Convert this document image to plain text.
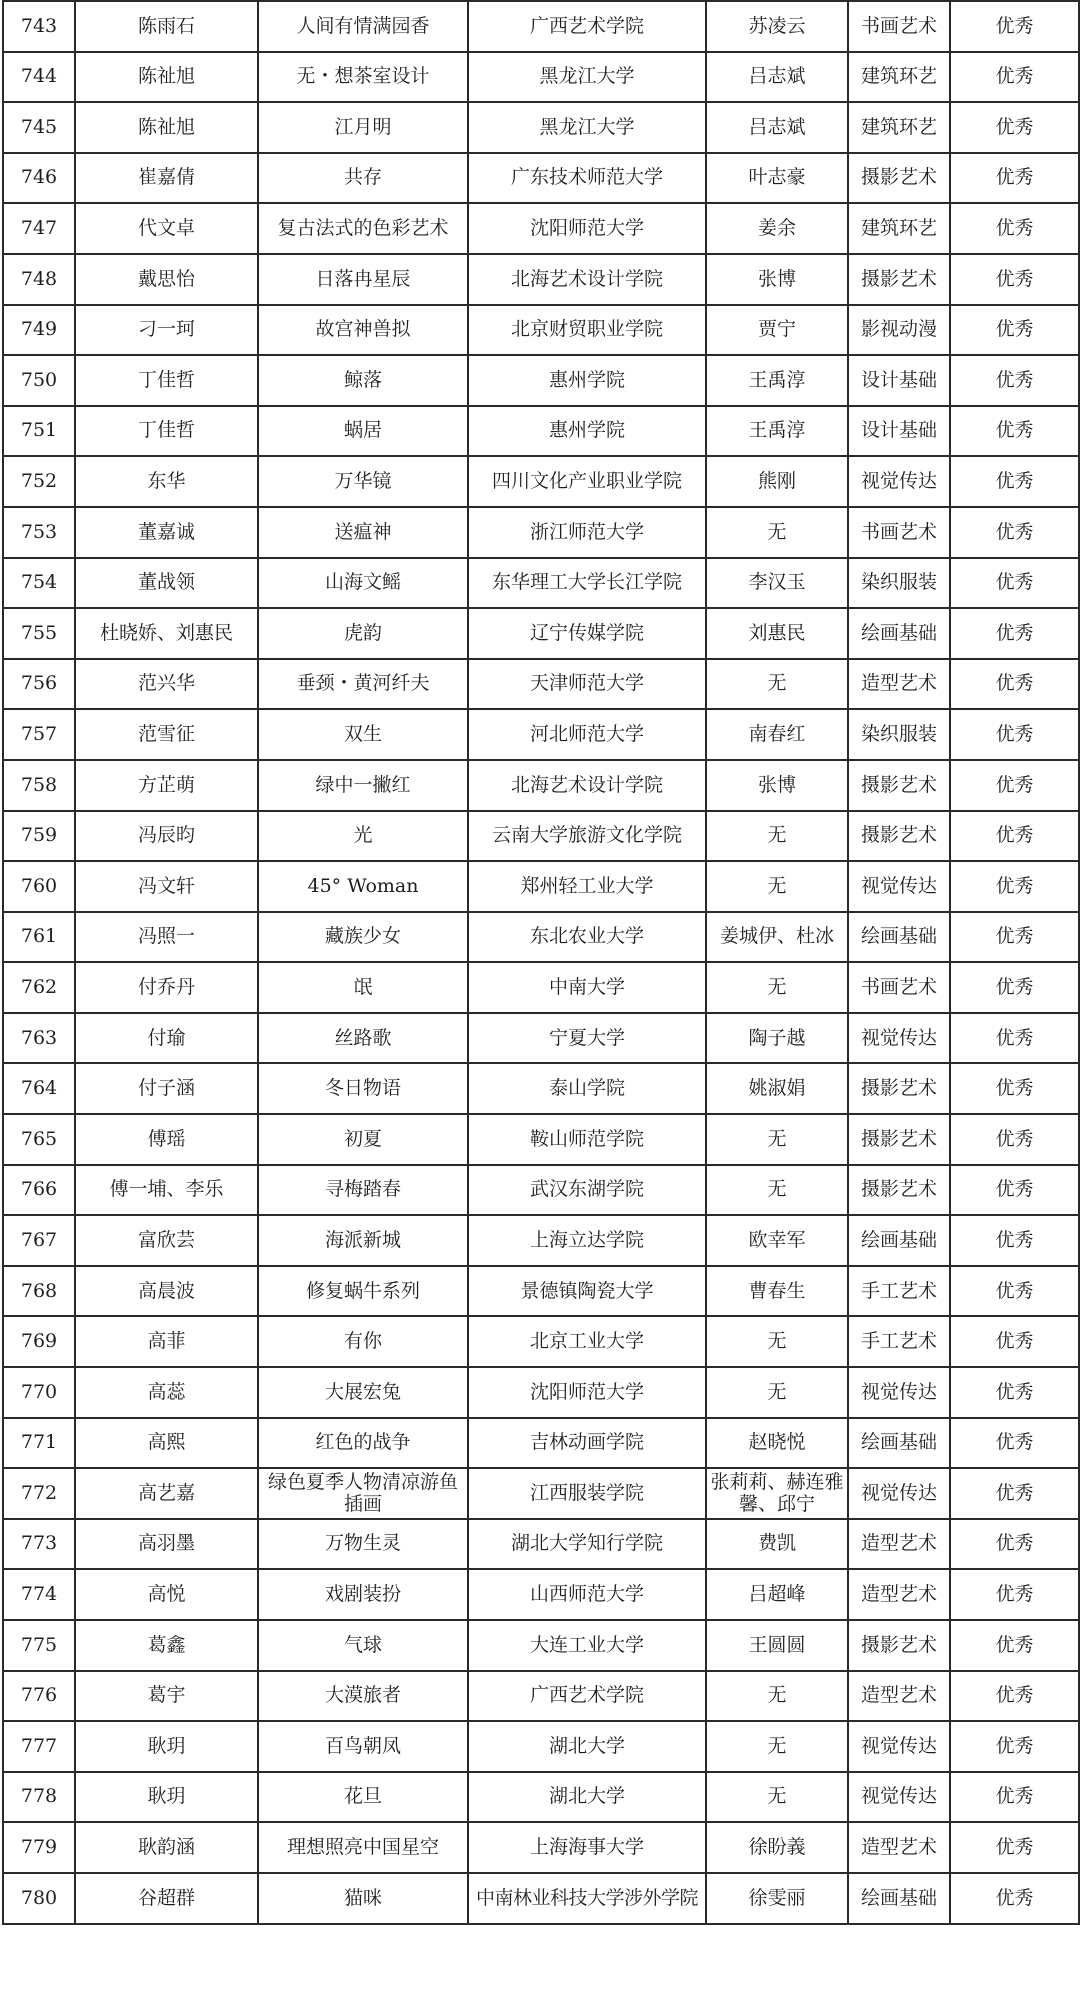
743	陈雨石	人间有情满园香	广西艺术学院	苏凌云	书画艺术	优秀
744	陈祉旭	无・想茶室设计	黑龙江大学	吕志斌	建筑环艺	优秀
745	陈祉旭	江月明	黑龙江大学	吕志斌	建筑环艺	优秀
746	崔嘉倩	共存	广东技术师范大学	叶志豪	摄影艺术	优秀
747	代文卓	复古法式的色彩艺术	沈阳师范大学	姜余	建筑环艺	优秀
748	戴思怡	日落冉星辰	北海艺术设计学院	张博	摄影艺术	优秀
749	刁一珂	故宫神兽拟	北京财贸职业学院	贾宁	影视动漫	优秀
750	丁佳哲	鲸落	惠州学院	王禹淳	设计基础	优秀
751	丁佳哲	蜗居	惠州学院	王禹淳	设计基础	优秀
752	东华	万华镜	四川文化产业职业学院	熊刚	视觉传达	优秀
753	董嘉诚	送瘟神	浙江师范大学	无	书画艺术	优秀
754	董战领	山海文鳐	东华理工大学长江学院	李汉玉	染织服装	优秀
755	杜晓娇、刘惠民	虎韵	辽宁传媒学院	刘惠民	绘画基础	优秀
756	范兴华	垂颈・黄河纤夫	天津师范大学	无	造型艺术	优秀
757	范雪征	双生	河北师范大学	南春红	染织服装	优秀
758	方芷萌	绿中一撇红	北海艺术设计学院	张博	摄影艺术	优秀
759	冯辰昀	光	云南大学旅游文化学院	无	摄影艺术	优秀
760	冯文轩	45° Woman	郑州轻工业大学	无	视觉传达	优秀
761	冯照一	藏族少女	东北农业大学	姜城伊、杜冰	绘画基础	优秀
762	付乔丹	氓	中南大学	无	书画艺术	优秀
763	付瑜	丝路歌	宁夏大学	陶子越	视觉传达	优秀
764	付子涵	冬日物语	泰山学院	姚淑娟	摄影艺术	优秀
765	傅瑶	初夏	鞍山师范学院	无	摄影艺术	优秀
766	傅一埔、李乐	寻梅踏春	武汉东湖学院	无	摄影艺术	优秀
767	富欣芸	海派新城	上海立达学院	欧幸军	绘画基础	优秀
768	高晨波	修复蜗牛系列	景德镇陶瓷大学	曹春生	手工艺术	优秀
769	高菲	有你	北京工业大学	无	手工艺术	优秀
770	高蕊	大展宏兔	沈阳师范大学	无	视觉传达	优秀
771	高熙	红色的战争	吉林动画学院	赵晓悦	绘画基础	优秀
772	高艺嘉	绿色夏季人物清凉游鱼插画	江西服装学院	张莉莉、赫连雅馨、邱宁	视觉传达	优秀
773	高羽墨	万物生灵	湖北大学知行学院	费凯	造型艺术	优秀
774	高悦	戏剧装扮	山西师范大学	吕超峰	造型艺术	优秀
775	葛鑫	气球	大连工业大学	王圆圆	摄影艺术	优秀
776	葛宇	大漠旅者	广西艺术学院	无	造型艺术	优秀
777	耿玥	百鸟朝凤	湖北大学	无	视觉传达	优秀
778	耿玥	花旦	湖北大学	无	视觉传达	优秀
779	耿韵涵	理想照亮中国星空	上海海事大学	徐盼義	造型艺术	优秀
780	谷超群	猫咪	中南林业科技大学涉外学院	徐雯丽	绘画基础	优秀
